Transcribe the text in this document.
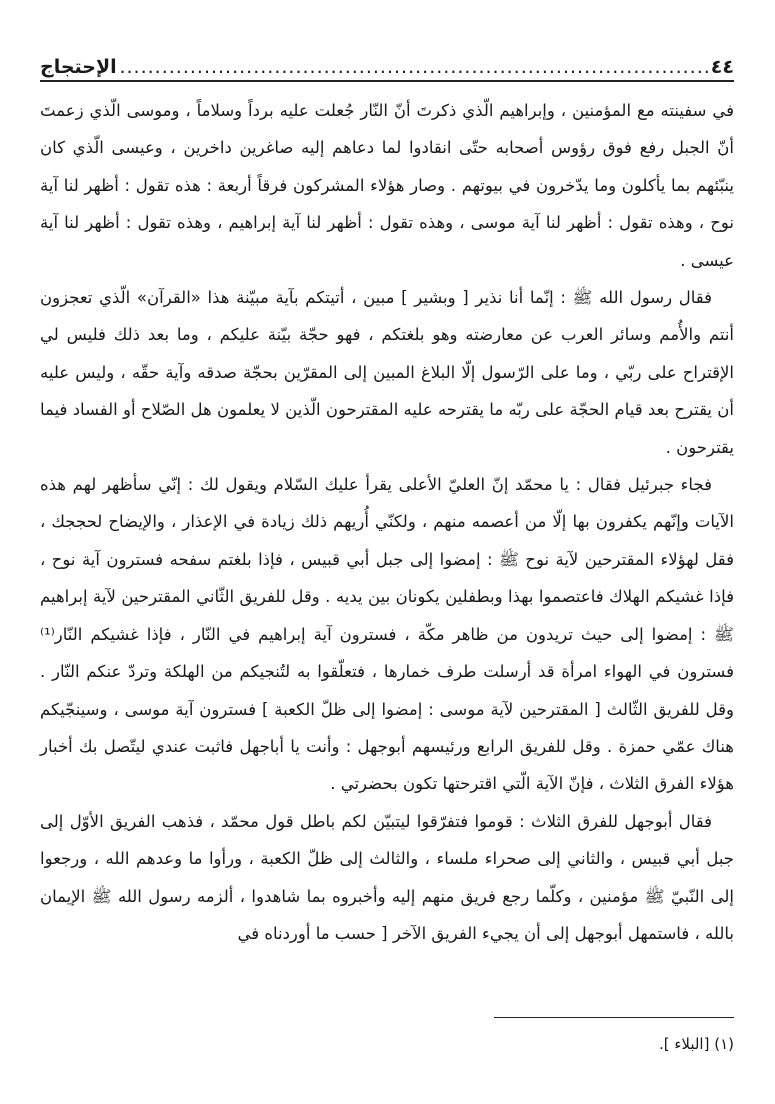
٤٤
.....
الإحتجاج

في سفينته مع المؤمنين ، وإبراهيم الّذي ذكرتَ أنّ النّار جُعلت عليه برداً وسلاماً ، وموسى الّذي زعمتَ أنّ الجبل رفع فوق رؤوس أصحابه حتّى انقادوا لما دعاهم إليه صاغرين داخرين ، وعيسى الّذي كان ينبّئهم بما يأكلون وما يدّخرون في بيوتهم . وصار هؤلاء المشركون فرقاً أربعة : هذه تقول : أظهر لنا آية نوح ، وهذه تقول : أظهر لنا آية موسى ، وهذه تقول : أظهر لنا آية إبراهيم ، وهذه تقول : أظهر لنا آية عيسى .

فقال رسول الله ﷺ : إنّما أنا نذير [ وبشير ] مبين ، أتيتكم بآية مبيّنة هذا «القرآن» الّذي تعجزون أنتم والأُمم وسائر العرب عن معارضته وهو بلغتكم ، فهو حجّة بيّنة عليكم ، وما بعد ذلك فليس لي الإقتراح على ربّي ، وما على الرّسول إلّا البلاغ المبين إلى المقرّين بحجّة صدقه وآية حقّه ، وليس عليه أن يقترح بعد قيام الحجّة على ربّه ما يقترحه عليه المقترحون الّذين لا يعلمون هل الصّلاح أو الفساد فيما يقترحون .

فجاء جبرئيل فقال : يا محمّد إنّ العليّ الأعلى يقرأ عليك السّلام ويقول لك : إنّي سأظهر لهم هذه الآيات وإنّهم يكفرون بها إلّا من أعصمه منهم ، ولكنّي أُريهم ذلك زيادة في الإعذار ، والإيضاح لحججك ، فقل لهؤلاء المقترحين لآية نوح ﷺ : إمضوا إلى جبل أبي قبيس ، فإذا بلغتم سفحه فسترون آية نوح ، فإذا غشيكم الهلاك فاعتصموا بهذا وبطفلين يكونان بين يديه . وقل للفريق الثّاني المقترحين لآية إبراهيم ﷺ : إمضوا إلى حيث تريدون من ظاهر مكّة ، فسترون آية إبراهيم في النّار ، فإذا غشيكم النّار⁽¹⁾ فسترون في الهواء امرأة قد أرسلت طرف خمارها ، فتعلّقوا به لتُنجيكم من الهلكة وتردّ عنكم النّار . وقل للفريق الثّالث [ المقترحين لآية موسى : إمضوا إلى ظلّ الكعبة ] فسترون آية موسى ، وسينجّيكم هناك عمّي حمزة . وقل للفريق الرابع ورئيسهم أبوجهل : وأنت يا أباجهل فاثبت عندي ليتّصل بك أخبار هؤلاء الفرق الثلاث ، فإنّ الآية الّتي اقترحتها تكون بحضرتي .

فقال أبوجهل للفرق الثلاث : قوموا فتفرّقوا ليتبيّن لكم باطل قول محمّد ، فذهب الفريق الأوّل إلى جبل أبي قبيس ، والثاني إلى صحراء ملساء ، والثالث إلى ظلّ الكعبة ، ورأوا ما وعدهم الله ، ورجعوا إلى النّبيّ ﷺ مؤمنين ، وكلّما رجع فريق منهم إليه وأخبروه بما شاهدوا ، ألزمه رسول الله ﷺ الإيمان بالله ، فاستمهل أبوجهل إلى أن يجيء الفريق الآخر [ حسب ما أوردناه في

(١) [البلاء ].
